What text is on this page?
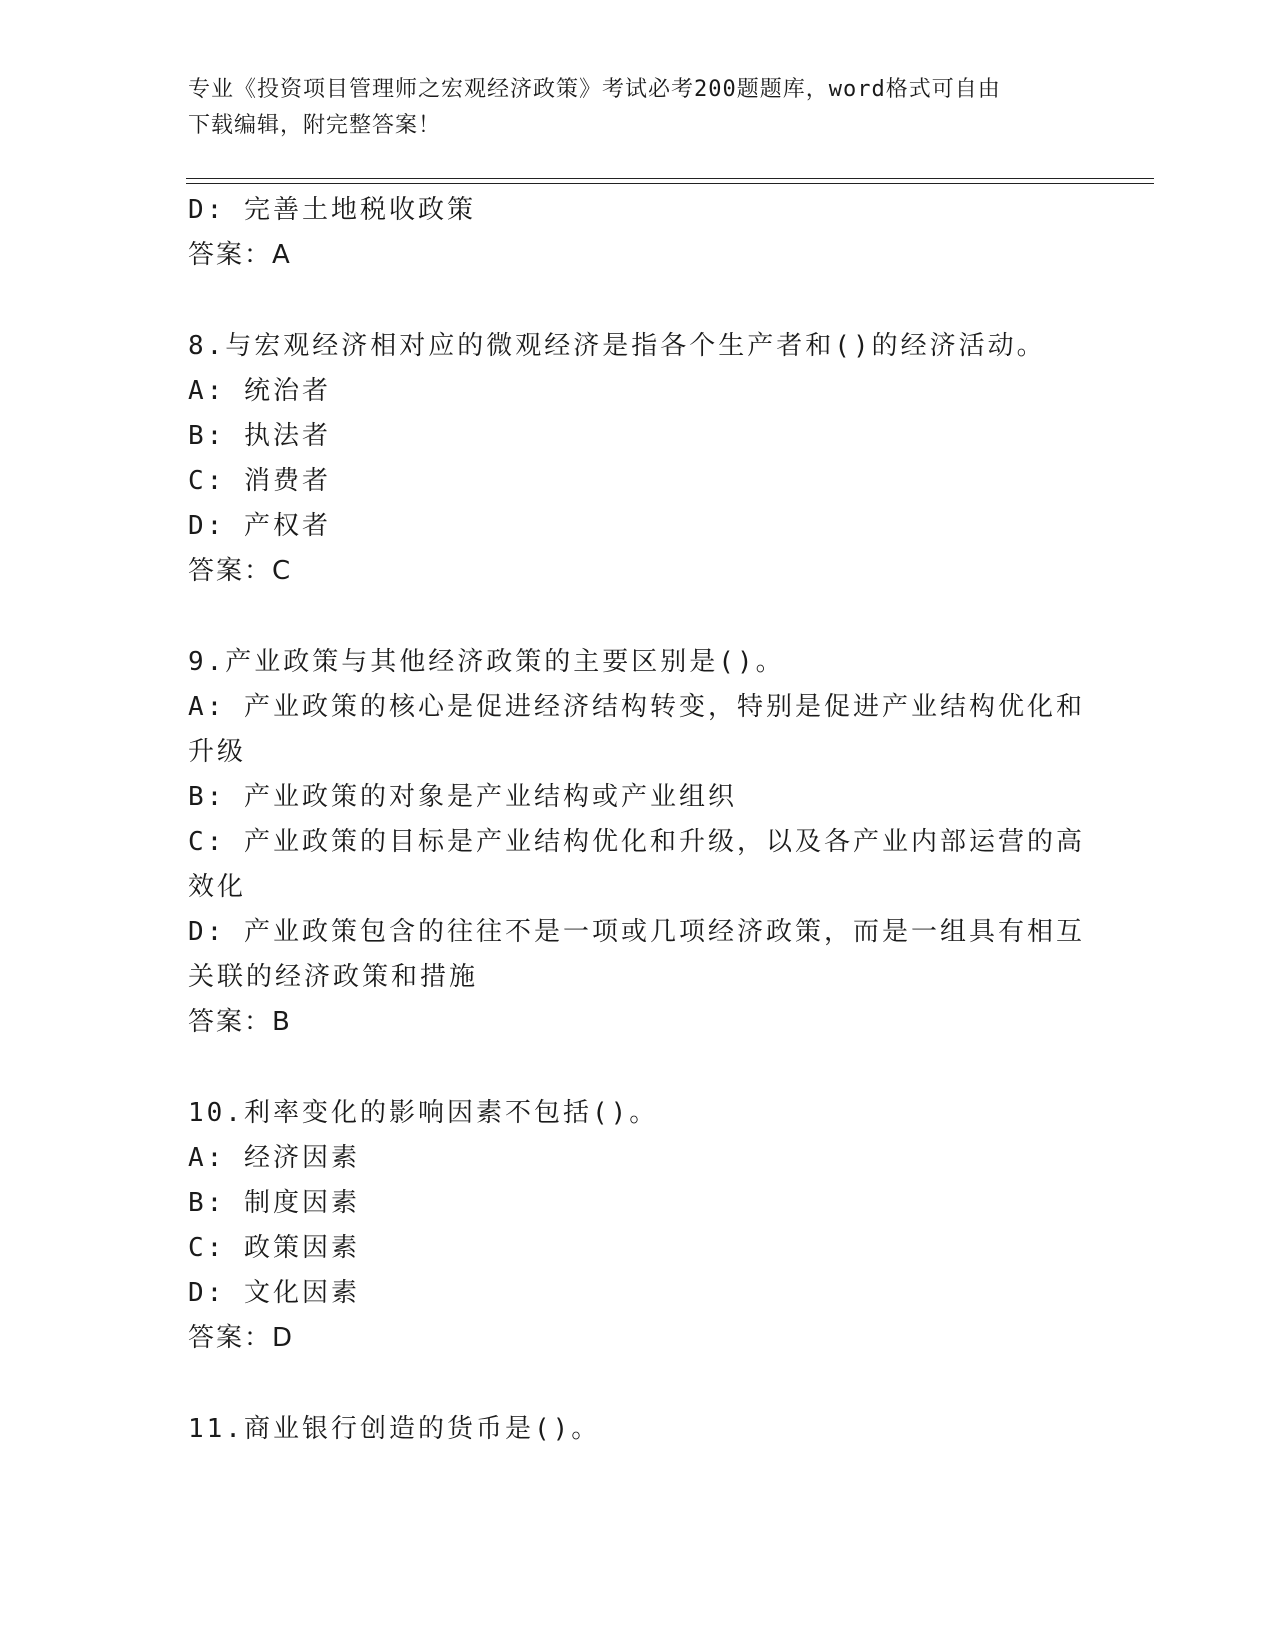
专业《投资项目管理师之宏观经济政策》考试必考200题题库，word格式可自由
下载编辑，附完整答案！
D: 完善土地税收政策
答案：A
8.与宏观经济相对应的微观经济是指各个生产者和()的经济活动。
A: 统治者
B: 执法者
C: 消费者
D: 产权者
答案：C
9.产业政策与其他经济政策的主要区别是()。
A: 产业政策的核心是促进经济结构转变，特别是促进产业结构优化和升级
B: 产业政策的对象是产业结构或产业组织
C: 产业政策的目标是产业结构优化和升级，以及各产业内部运营的高效化
D: 产业政策包含的往往不是一项或几项经济政策，而是一组具有相互关联的经济政策和措施
答案：B
10.利率变化的影响因素不包括()。
A: 经济因素
B: 制度因素
C: 政策因素
D: 文化因素
答案：D
11.商业银行创造的货币是()。
